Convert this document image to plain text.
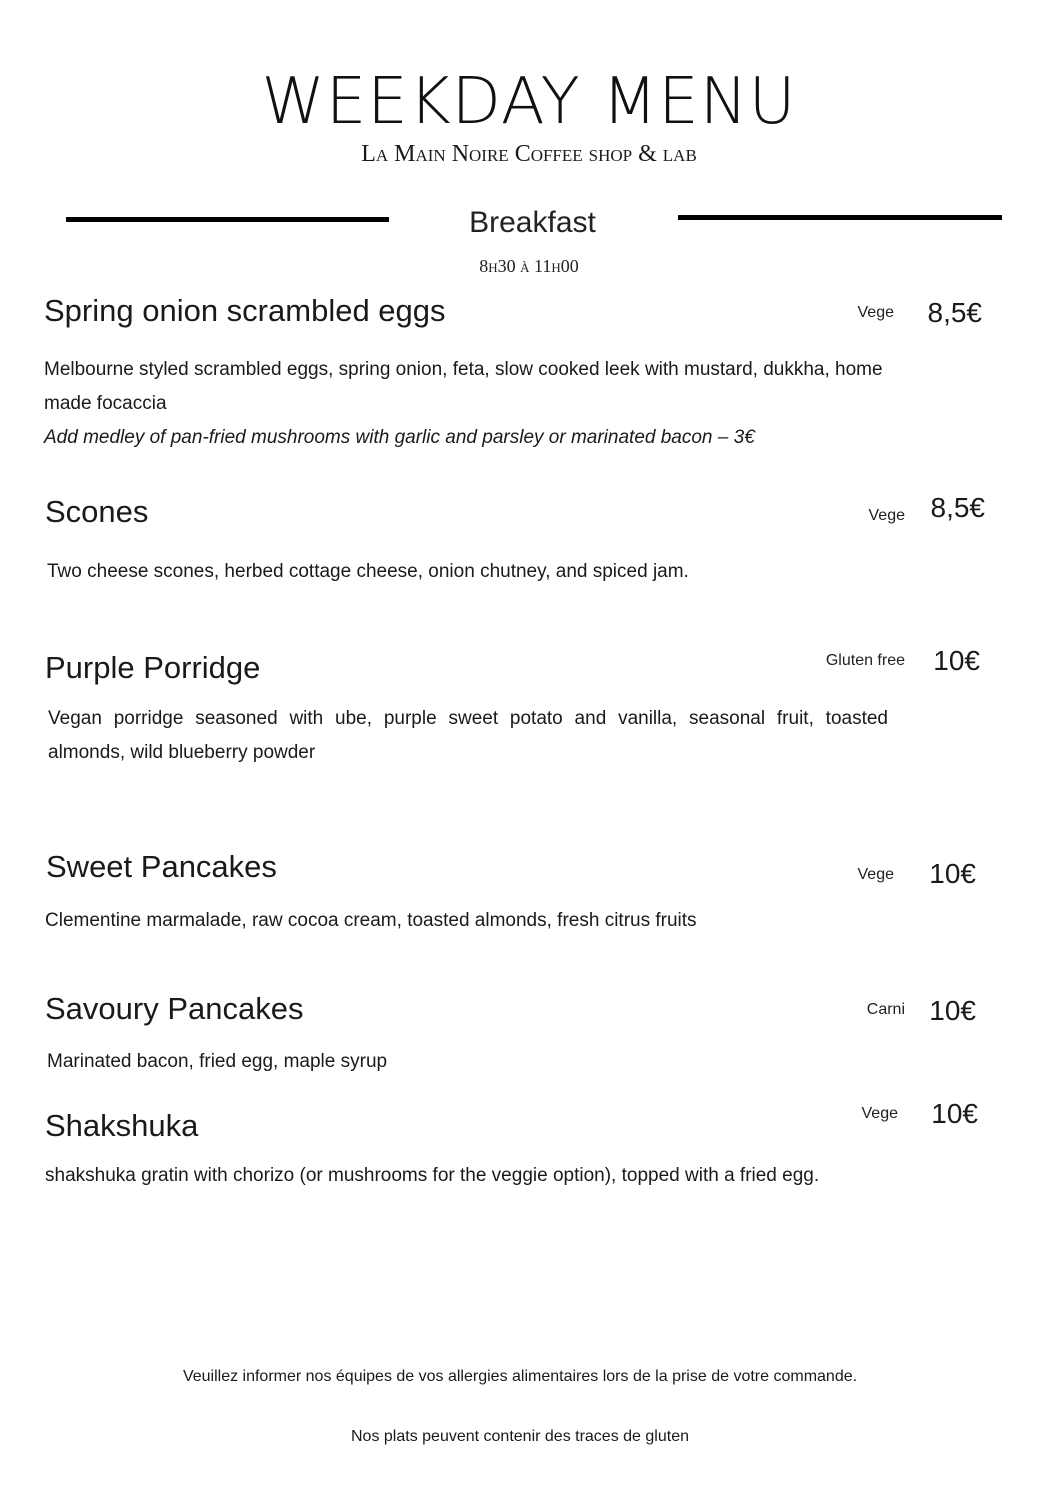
WEEKDAY MENU
La Main Noire Coffee shop & lab
Breakfast
8h30 à 11h00
Spring onion scrambled eggs	Vege 8,5€
Melbourne styled scrambled eggs, spring onion, feta, slow cooked leek with mustard, dukkha, home made focaccia
Add medley of pan-fried mushrooms with garlic and parsley or marinated bacon – 3€
Scones	Vege 8,5€
Two cheese scones, herbed cottage cheese, onion chutney, and spiced jam.
Purple Porridge	Gluten free 10€
Vegan porridge seasoned with ube, purple sweet potato and vanilla, seasonal fruit, toasted almonds, wild blueberry powder
Sweet Pancakes	Vege 10€
Clementine marmalade, raw cocoa cream, toasted almonds, fresh citrus fruits
Savoury Pancakes	Carni 10€
Marinated bacon, fried egg, maple syrup
Shakshuka	Vege 10€
shakshuka gratin with chorizo (or mushrooms for the veggie option), topped with a fried egg.
Veuillez informer nos équipes de vos allergies alimentaires lors de la prise de votre commande.
Nos plats peuvent contenir des traces de gluten
